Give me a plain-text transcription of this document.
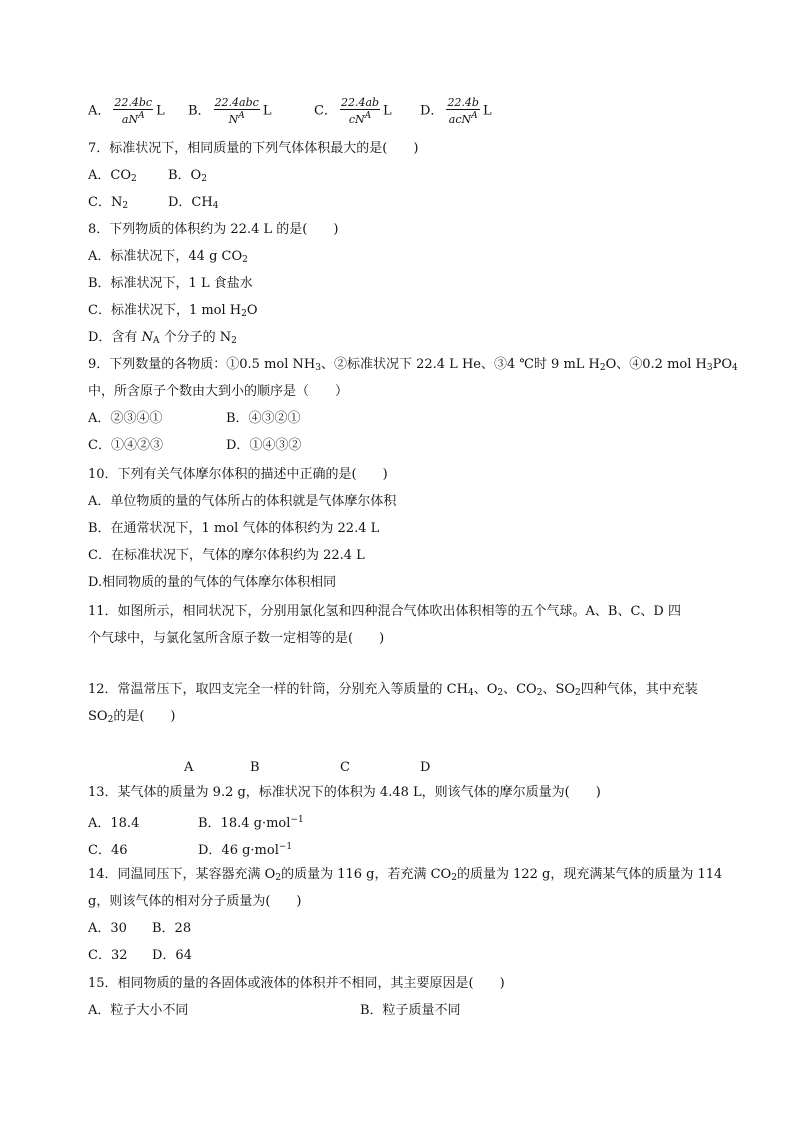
A． $\frac{22.4bc}{aN^A}$ L B． $\frac{\text{22.4abc}}{N^A}$ L	C． $\frac{22.4ab}{cN^A}$ L D． $\frac{22.4b}{acN^A}$ L
7．标准状况下，相同质量的下列气体体积最大的是(　　)
A．$CO_2$ B．$O_2$
C．$N_2$	D．$CH_4$
8．下列物质的体积约为 22.4 L 的是(　　)
A．标准状况下，44 g $CO_2$
B．标准状况下，1 L 食盐水
C．标准状况下，1 mol $H_2O$
D．含有 $N_A$ 个分子的 $N_2$
9．下列数量的各物质：①0.5 mol $NH_3$、②标准状况下 22.4 L He、③4 ℃时 9 mL $H_2O$、④0.2 mol $H_3PO_4$
中，所含原子个数由大到小的顺序是（　　）
A．②③④①	B．④③②①
C．①④②③	D．①④③②
10．下列有关气体摩尔体积的描述中正确的是(　　)
A．单位物质的量的气体所占的体积就是气体摩尔体积
B．在通常状况下，1 mol 气体的体积约为 22.4 L
C．在标准状况下，气体的摩尔体积约为 22.4 L
D.相同物质的量的气体的气体摩尔体积相同
11．如图所示，相同状况下，分别用氯化氢和四种混合气体吹出体积相等的五个气球。A、B、C、D 四
个气球中，与氯化氢所含原子数一定相等的是(　　)
12．常温常压下，取四支完全一样的针筒，分别充入等质量的 $CH_4$、$O_2$、$CO_2$、$SO_2$四种气体，其中充装
$SO_2$的是(　　)
A	B	C	D
13．某气体的质量为 9.2 g，标准状况下的体积为 4.48 L，则该气体的摩尔质量为(　　)
A．18.4	B．18.4 g·mol$^{-1}$
C．46	D．46 g·mol$^{-1}$
14．同温同压下，某容器充满 $O_2$的质量为 116 g，若充满 $CO_2$的质量为 122 g，现充满某气体的质量为 114
g，则该气体的相对分子质量为(　　)
A．30 B．28
C．32 D．64
15．相同物质的量的各固体或液体的体积并不相同，其主要原因是(　　)
A．粒子大小不同	B．粒子质量不同
